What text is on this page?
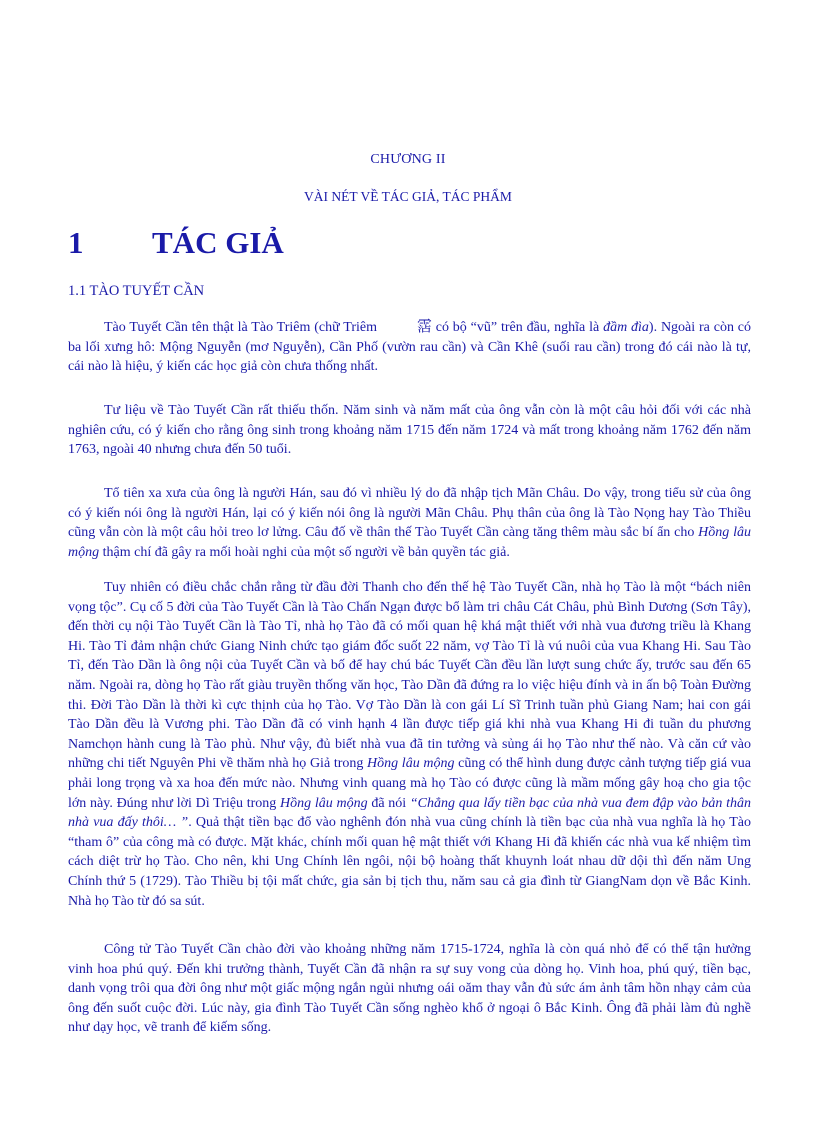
CHƯƠNG II
VÀI NÉT VỀ TÁC GIẢ, TÁC PHẨM
1 TÁC GIẢ
1.1 TÀO TUYẾT CẦN

Tào Tuyết Cần tên thật là Tào Triêm (chữ Triêm 霑 có bộ “vũ” trên đầu, nghĩa là đầm đìa). Ngoài ra còn có ba lối xưng hô: Mộng Nguyễn (mơ Nguyễn), Cần Phố (vườn rau cần) và Cần Khê (suối rau cần) trong đó cái nào là tự, cái nào là hiệu, ý kiến các học giả còn chưa thống nhất.

Tư liệu về Tào Tuyết Cần rất thiếu thốn. Năm sinh và năm mất của ông vẫn còn là một câu hỏi đối với các nhà nghiên cứu, có ý kiến cho rằng ông sinh trong khoảng năm 1715 đến năm 1724 và mất trong khoảng năm 1762 đến năm 1763, ngoài 40 nhưng chưa đến 50 tuổi.

Tổ tiên xa xưa của ông là người Hán, sau đó vì nhiều lý do đã nhập tịch Mãn Châu. Do vậy, trong tiểu sử của ông có ý kiến nói ông là người Hán, lại có ý kiến nói ông là người Mãn Châu. Phụ thân của ông là Tào Nọng hay Tào Thiều cũng vẫn còn là một câu hỏi treo lơ lửng. Câu đố về thân thế Tào Tuyết Cần càng tăng thêm màu sắc bí ẩn cho Hồng lâu mộng thậm chí đã gây ra mối hoài nghi của một số người về bản quyền tác giả.

Tuy nhiên có điều chắc chắn rằng từ đầu đời Thanh cho đến thế hệ Tào Tuyết Cần, nhà họ Tào là một “bách niên vọng tộc”. Cụ cố 5 đời của Tào Tuyết Cần là Tào Chấn Ngạn được bổ làm tri châu Cát Châu, phủ Bình Dương (Sơn Tây), đến thời cụ nội Tào Tuyết Cần là Tào Tỉ, nhà họ Tào đã có mối quan hệ khá mật thiết với nhà vua đương triều là Khang Hi. Tào Tỉ đảm nhận chức Giang Ninh chức tạo giám đốc suốt 22 năm, vợ Tào Tỉ là vú nuôi của vua Khang Hi. Sau Tào Tỉ, đến Tào Dần là ông nội của Tuyết Cần và bố để hay chú bác Tuyết Cần đều lần lượt sung chức ấy, trước sau đến 65 năm. Ngoài ra, dòng họ Tào rất giàu truyền thống văn học, Tào Dần đã đứng ra lo việc hiệu đính và in ấn bộ Toàn Đường thi. Đời Tào Dần là thời kì cực thịnh của họ Tào. Vợ Tào Dần là con gái Lí Sĩ Trinh tuần phủ Giang Nam; hai con gái Tào Dần đều là Vương phi. Tào Dần đã có vinh hạnh 4 lần được tiếp giá khi nhà vua Khang Hi đi tuần du phương Namchọn hành cung là Tào phủ. Như vậy, đủ biết nhà vua đã tin tưởng và sủng ái họ Tào như thế nào. Và căn cứ vào những chi tiết Nguyên Phi về thăm nhà họ Giả trong Hồng lâu mộng cũng có thể hình dung được cảnh tượng tiếp giá vua phải long trọng và xa hoa đến mức nào. Nhưng vinh quang mà họ Tào có được cũng là mầm mống gây hoạ cho gia tộc lớn này. Đúng như lời Dì Triệu trong Hồng lâu mộng đã nói “Chẳng qua lấy tiền bạc của nhà vua đem đập vào bản thân nhà vua đấy thôi… ”. Quả thật tiền bạc đổ vào nghênh đón nhà vua cũng chính là tiền bạc của nhà vua nghĩa là họ Tào “tham ô” của công mà có được. Mặt khác, chính mối quan hệ mật thiết với Khang Hi đã khiến các nhà vua kế nhiệm tìm cách diệt trừ họ Tào. Cho nên, khi Ung Chính lên ngôi, nội bộ hoàng thất khuynh loát nhau dữ dội thì đến năm Ung Chính thứ 5 (1729). Tào Thiều bị tội mất chức, gia sản bị tịch thu, năm sau cả gia đình từ GiangNam dọn về Bắc Kinh. Nhà họ Tào từ đó sa sút.

Công tử Tào Tuyết Cần chào đời vào khoảng những năm 1715-1724, nghĩa là còn quá nhỏ để có thể tận hưởng vinh hoa phú quý. Đến khi trưởng thành, Tuyết Cần đã nhận ra sự suy vong của dòng họ. Vinh hoa, phú quý, tiền bạc, danh vọng trôi qua đời ông như một giấc mộng ngắn ngủi nhưng oái oăm thay vẫn đủ sức ám ảnh tâm hồn nhạy cảm của ông đến suốt cuộc đời. Lúc này, gia đình Tào Tuyết Cần sống nghèo khổ ở ngoại ô Bắc Kinh. Ông đã phải làm đủ nghề như dạy học, vẽ tranh để kiếm sống.
